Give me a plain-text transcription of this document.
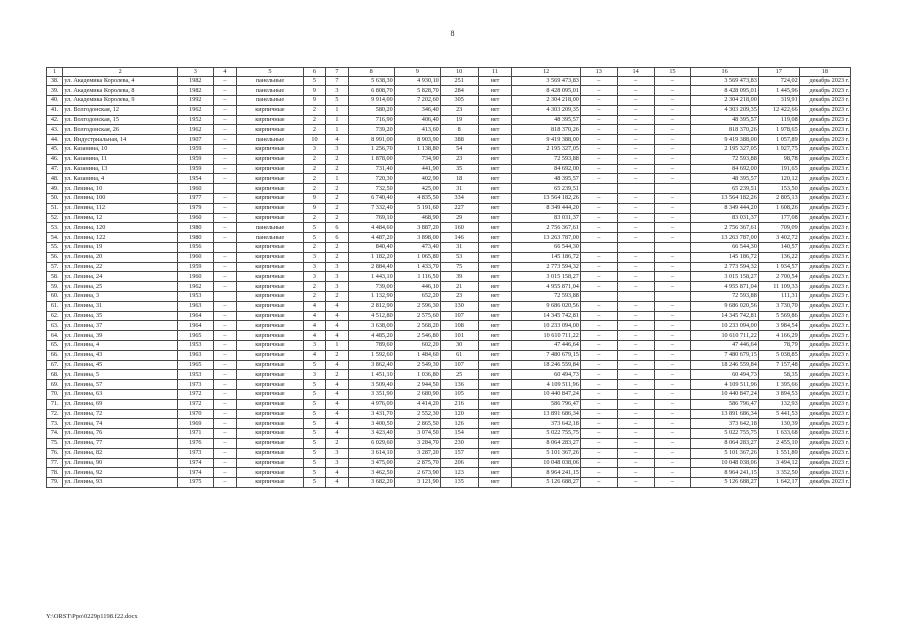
8
1	2	3	4	5	6	7	8	9	10	11	12	13	14	15	16	17	18
38.	ул. Академика Королева, 4	1982	–	панельные	5	7	5 638,30	4 930,10	251	нет	3 569 473,83	–	–	–	3 569 473,83	724,02	декабрь 2023 г.
39.	ул. Академика Королева, 8	1982	–	панельные	9	3	6 808,70	5 828,70	284	нет	8 428 095,01	–	–	–	8 428 095,01	1 445,96	декабрь 2023 г.
40.	ул. Академика Королева, 9	1992	–	панельные	9	5	9 914,00	7 202,60	305	нет	2 304 218,00	–	–	–	2 304 218,00	319,91	декабрь 2023 г.
41.	ул. Волгодонская, 12	1962	–	кирпичные	2	1	580,20	346,40	23	нет	4 303 209,35	–	–	–	4 303 209,35	12 422,66	декабрь 2023 г.
42.	ул. Волгодонская, 15	1952	–	кирпичные	2	1	716,90	406,40	19	нет	48 395,57	–	–	–	48 395,57	119,08	декабрь 2023 г.
43.	ул. Волгодонская, 26	1962	–	кирпичные	2	1	739,20	413,60	8	нет	818 370,26	–	–	–	818 370,26	1 978,65	декабрь 2023 г.
44.	ул. Индустриальная, 14	1907	–	панельные	10	4	8 991,00	8 903,90	388	нет	9 419 388,00	–	–	–	9 419 388,00	1 057,89	декабрь 2023 г.
45.	ул. Казанина, 10	1959	–	кирпичные	3	3	1 256,70	1 138,80	54	нет	2 195 327,05	–	–	–	2 195 327,05	1 927,75	декабрь 2023 г.
46.	ул. Казанина, 11	1959	–	кирпичные	2	2	1 878,00	734,90	23	нет	72 593,88	–	–	–	72 593,88	98,78	декабрь 2023 г.
47.	ул. Казанина, 13	1959	–	кирпичные	2	2	731,40	441,90	35	нет	84 692,00	–	–	–	84 692,00	191,65	декабрь 2023 г.
48.	ул. Казанина, 4	1954	–	кирпичные	2	1	720,30	402,90	18	нет	48 395,57	–	–	–	48 395,57	120,12	декабрь 2023 г.
49.	ул. Ленина, 10	1960		кирпичные	2	2	732,50	425,00	31	нет	65 239,51				65 239,51	153,50	декабрь 2023 г.
50.	ул. Ленина, 100	1977	–	кирпичные	9	2	6 740,40	4 835,50	334	нет	13 564 182,26	–	–	–	13 564 182,26	2 805,13	декабрь 2023 г.
51.	ул. Ленина, 112	1979	–	кирпичные	9	2	7 332,40	5 191,60	227	нет	8 349 444,20	–	–	–	8 349 444,20	1 608,26	декабрь 2023 г.
52.	ул. Ленина, 12	1960	–	кирпичные	2	2	769,10	468,90	29	нет	83 031,37	–	–	–	83 031,37	177,08	декабрь 2023 г.
53.	ул. Ленина, 120	1980	–	панельные	5	6	4 484,60	3 887,20	160	нет	2 756 367,61	–	–	–	2 756 367,61	709,09	декабрь 2023 г.
54.	ул. Ленина, 122	1980	–	панельные	5	6	4 487,20	3 898,00	146	нет	13 263 787,00	–	–	–	13 263 787,00	3 402,72	декабрь 2023 г.
55.	ул. Ленина, 19	1956		кирпичные	2	2	840,40	473,40	31	нет	66 544,30				66 544,30	140,57	декабрь 2023 г.
56.	ул. Ленина, 20	1960	–	кирпичные	3	2	1 182,20	1 065,80	53	нет	145 186,72	–	–	–	145 186,72	136,22	декабрь 2023 г.
57.	ул. Ленина, 22	1959	–	кирпичные	3	3	2 884,40	1 433,70	75	нет	2 773 594,32	–	–	–	2 773 594,32	1 934,57	декабрь 2023 г.
58.	ул. Ленина, 24	1960	–	кирпичные	3	3	1 443,10	1 116,50	39	нет	3 015 158,27	–	–	–	3 015 158,27	2 700,54	декабрь 2023 г.
59.	ул. Ленина, 25	1962	–	кирпичные	2	3	739,00	446,10	21	нет	4 955 871,04	–	–	–	4 955 871,04	11 109,33	декабрь 2023 г.
60.	ул. Ленина, 3	1953		кирпичные	2	2	1 132,90	652,20	23	нет	72 593,88				72 593,88	111,31	декабрь 2023 г.
61.	ул. Ленина, 31	1963	–	кирпичные	4	4	2 812,90	2 596,30	130	нет	9 686 020,56	–	–	–	9 686 020,56	3 730,70	декабрь 2023 г.
62.	ул. Ленина, 35	1964	–	кирпичные	4	4	4 512,80	2 575,60	107	нет	14 345 742,81	–	–	–	14 345 742,81	5 569,86	декабрь 2023 г.
63.	ул. Ленина, 37	1964	–	кирпичные	4	4	3 638,00	2 568,20	108	нет	10 233 094,00	–	–	–	10 233 094,00	3 984,54	декабрь 2023 г.
64.	ул. Ленина, 39	1965	–	кирпичные	4	4	4 485,20	2 546,80	101	нет	10 610 711,22	–	–	–	10 610 711,22	4 166,29	декабрь 2023 г.
65.	ул. Ленина, 4	1953	–	кирпичные	3	1	789,60	602,20	30	нет	47 446,64	–	–	–	47 446,64	78,79	декабрь 2023 г.
66.	ул. Ленина, 43	1963	–	кирпичные	4	2	1 592,60	1 484,60	61	нет	7 480 679,15	–	–	–	7 480 679,15	5 038,85	декабрь 2023 г.
67.	ул. Ленина, 45	1965	–	кирпичные	5	4	3 862,40	2 549,30	107	нет	18 246 559,84	–	–	–	18 246 559,84	7 157,48	декабрь 2023 г.
68.	ул. Ленина, 5	1953	–	кирпичные	3	2	1 451,10	1 036,80	25	нет	60 494,73	–	–	–	60 494,73	58,35	декабрь 2023 г.
69.	ул. Ленина, 57	1973	–	кирпичные	5	4	3 509,40	2 944,50	136	нет	4 109 511,96	–	–	–	4 109 511,96	1 395,66	декабрь 2023 г.
70.	ул. Ленина, 63	1972	–	кирпичные	5	4	3 351,90	2 680,90	105	нет	10 440 847,24	–	–	–	10 440 847,24	3 894,53	декабрь 2023 г.
71.	ул. Ленина, 69	1972	–	кирпичные	5	4	4 976,00	4 414,20	216	нет	586 796,47	–	–	–	586 796,47	132,93	декабрь 2023 г.
72.	ул. Ленина, 72	1970	–	кирпичные	5	4	3 431,70	2 552,30	120	нет	13 891 686,34	–	–	–	13 891 686,34	5 441,53	декабрь 2023 г.
73.	ул. Ленина, 74	1969	–	кирпичные	5	4	3 400,50	2 865,50	126	нет	373 642,18	–	–	–	373 642,18	130,39	декабрь 2023 г.
74.	ул. Ленина, 76	1971	–	кирпичные	5	4	3 423,40	3 074,50	154	нет	5 022 755,75	–	–	–	5 022 755,75	1 633,68	декабрь 2023 г.
75.	ул. Ленина, 77	1976	–	кирпичные	5	2	6 029,60	3 284,70	230	нет	8 064 283,27	–	–	–	8 064 283,27	2 455,10	декабрь 2023 г.
76.	ул. Ленина, 82	1973	–	кирпичные	5	3	3 614,10	3 287,20	157	нет	5 101 367,26	–	–	–	5 101 367,26	1 551,89	декабрь 2023 г.
77.	ул. Ленина, 90	1974	–	кирпичные	5	3	3 475,00	2 875,70	206	нет	10 048 038,06	–	–	–	10 048 038,06	3 494,12	декабрь 2023 г.
78.	ул. Ленина, 92	1974	–	кирпичные	5	4	3 462,50	2 673,90	123	нет	8 964 241,15	–	–	–	8 964 241,15	3 352,50	декабрь 2023 г.
79.	ул. Ленина, 93	1975	–	кирпичные	5	4	3 682,20	3 121,90	135	нет	5 126 688,27	–	–	–	5 126 688,27	1 642,17	декабрь 2023 г.
Y:\ORST\Ppo\0229p1198.f22.docx
